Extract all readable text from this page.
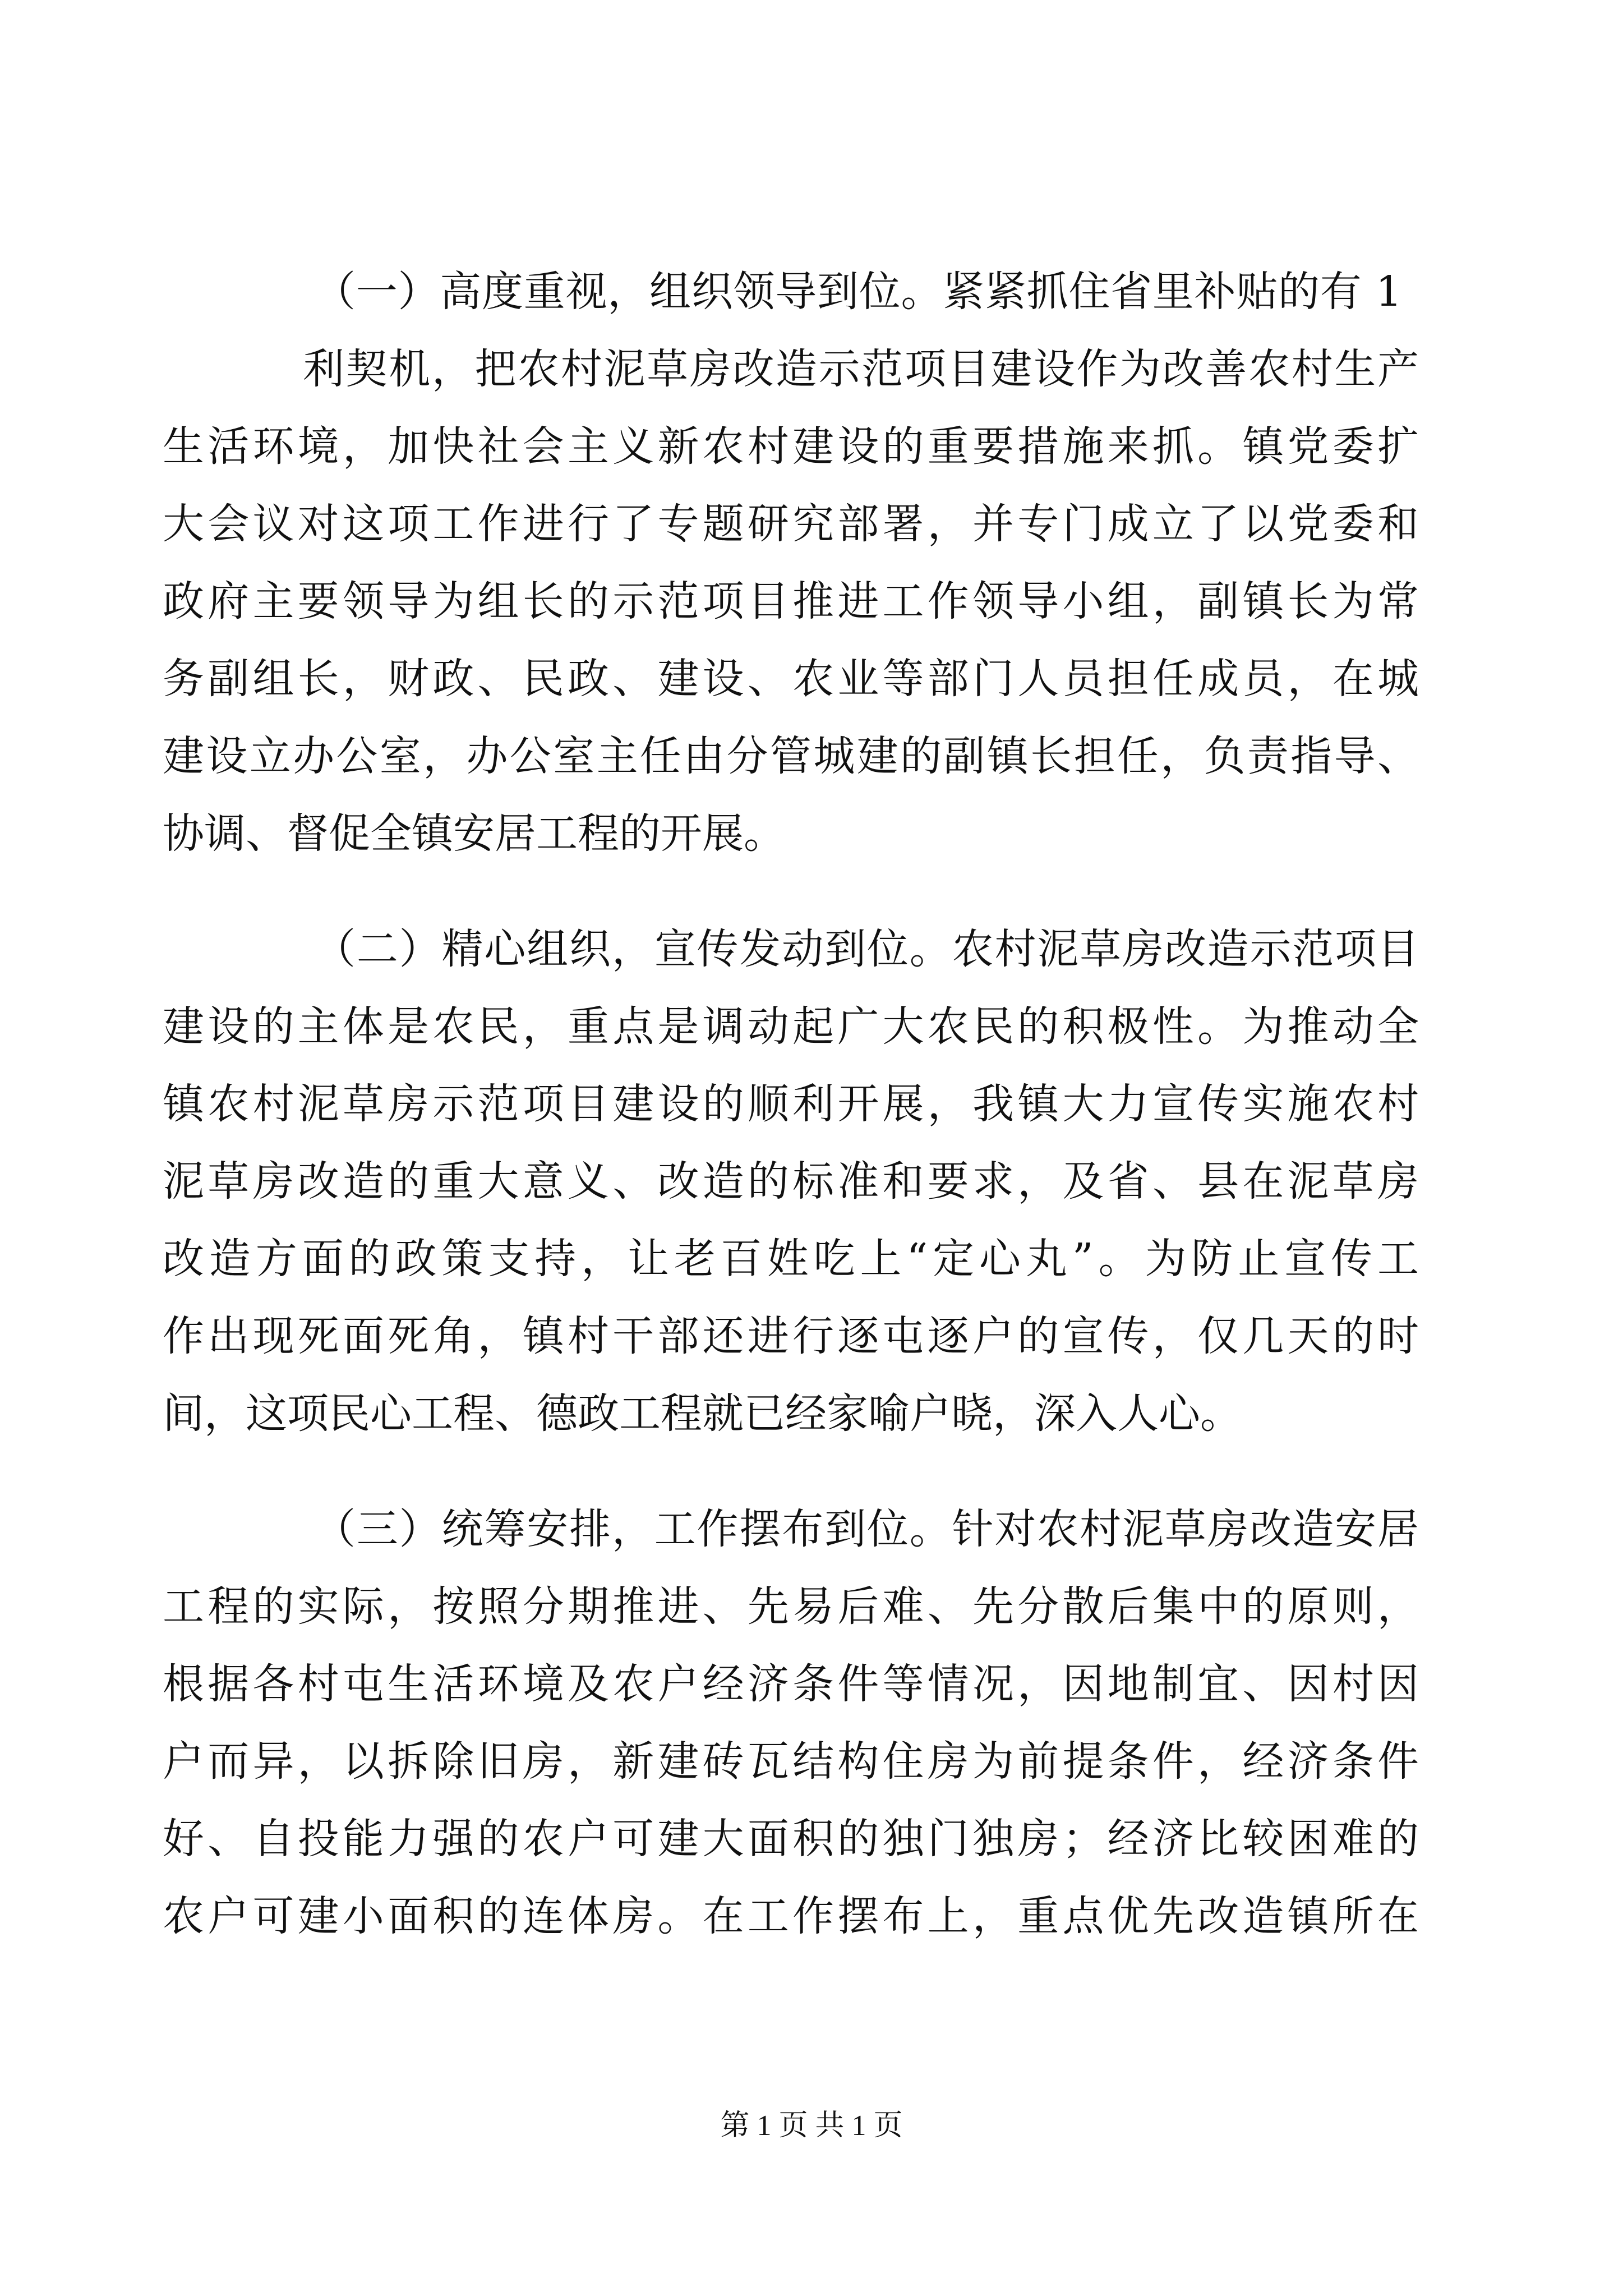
（一）高度重视，组织领导到位。紧紧抓住省里补贴的有 1
利契机，把农村泥草房改造示范项目建设作为改善农村生产
生活环境，加快社会主义新农村建设的重要措施来抓。镇党委扩
大会议对这项工作进行了专题研究部署，并专门成立了以党委和
政府主要领导为组长的示范项目推进工作领导小组，副镇长为常
务副组长，财政、民政、建设、农业等部门人员担任成员，在城
建设立办公室，办公室主任由分管城建的副镇长担任，负责指导、
协调、督促全镇安居工程的开展。
（二）精心组织，宣传发动到位。农村泥草房改造示范项目
建设的主体是农民，重点是调动起广大农民的积极性。为推动全
镇农村泥草房示范项目建设的顺利开展，我镇大力宣传实施农村
泥草房改造的重大意义、改造的标准和要求，及省、县在泥草房
改造方面的政策支持，让老百姓吃上“定心丸”。为防止宣传工
作出现死面死角，镇村干部还进行逐屯逐户的宣传，仅几天的时
间，这项民心工程、德政工程就已经家喻户晓，深入人心。
（三）统筹安排，工作摆布到位。针对农村泥草房改造安居
工程的实际，按照分期推进、先易后难、先分散后集中的原则，
根据各村屯生活环境及农户经济条件等情况，因地制宜、因村因
户而异，以拆除旧房，新建砖瓦结构住房为前提条件，经济条件
好、自投能力强的农户可建大面积的独门独房；经济比较困难的
农户可建小面积的连体房。在工作摆布上，重点优先改造镇所在
第 1 页 共 1 页
